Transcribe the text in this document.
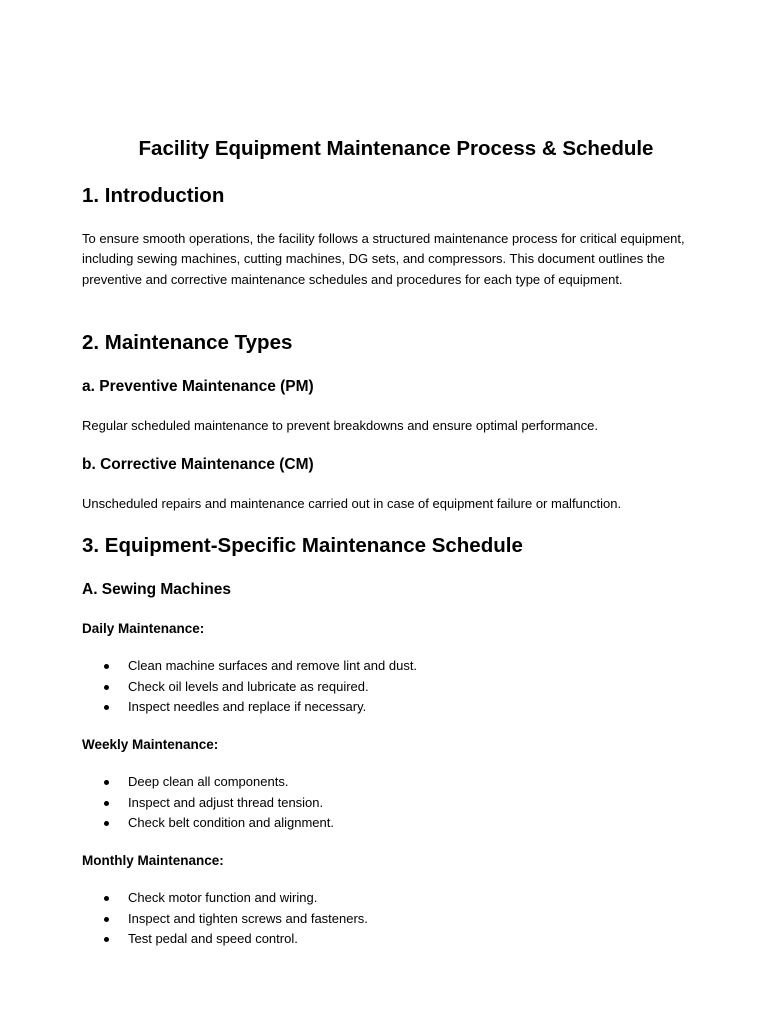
Facility Equipment Maintenance Process & Schedule
1. Introduction

To ensure smooth operations, the facility follows a structured maintenance process for critical equipment, including sewing machines, cutting machines, DG sets, and compressors. This document outlines the preventive and corrective maintenance schedules and procedures for each type of equipment.

2. Maintenance Types
a. Preventive Maintenance (PM)

Regular scheduled maintenance to prevent breakdowns and ensure optimal performance.

b. Corrective Maintenance (CM)

Unscheduled repairs and maintenance carried out in case of equipment failure or malfunction.

3. Equipment-Specific Maintenance Schedule
A. Sewing Machines
Daily Maintenance:
Clean machine surfaces and remove lint and dust.
Check oil levels and lubricate as required.
Inspect needles and replace if necessary.
Weekly Maintenance:
Deep clean all components.
Inspect and adjust thread tension.
Check belt condition and alignment.
Monthly Maintenance:
Check motor function and wiring.
Inspect and tighten screws and fasteners.
Test pedal and speed control.
